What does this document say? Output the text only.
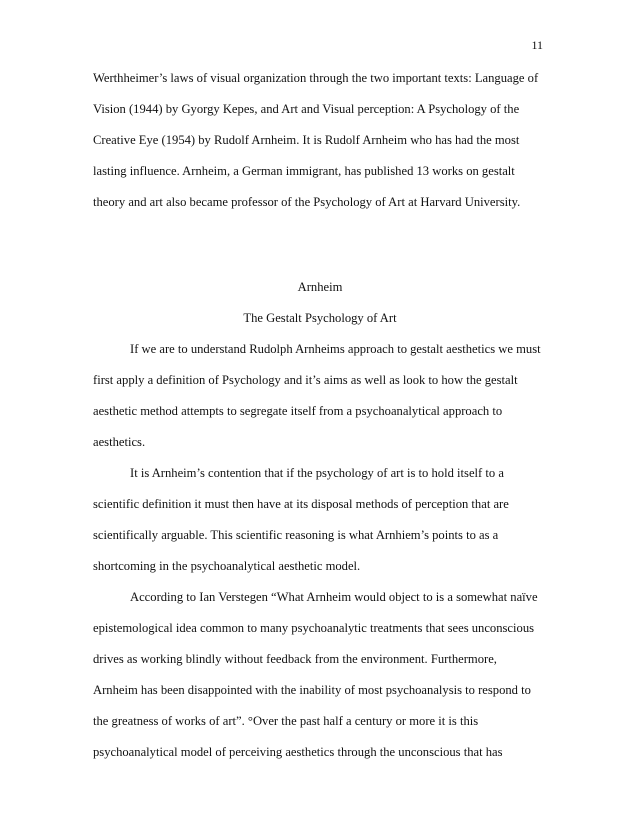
11
Werthheimer’s laws of visual organization through the two important texts: Language of
Vision (1944) by Gyorgy Kepes, and Art and Visual perception: A Psychology of the
Creative Eye (1954) by Rudolf Arnheim. It is Rudolf Arnheim who has had the most
lasting influence. Arnheim, a German immigrant, has published 13 works on gestalt
theory and art also became professor of the Psychology of Art at Harvard University.
Arnheim
The Gestalt Psychology of Art
If we are to understand Rudolph Arnheims approach to gestalt aesthetics we must
first apply a definition of Psychology and it’s aims as well as look to how the gestalt
aesthetic method attempts to segregate itself from a psychoanalytical approach to
aesthetics.
It is Arnheim’s contention that if the psychology of art is to hold itself to a
scientific definition it must then have at its disposal methods of perception that are
scientifically arguable. This scientific reasoning is what Arnhiem’s points to as a
shortcoming in the psychoanalytical aesthetic model.
According to Ian Verstegen “What Arnheim would object to is a somewhat naïve
epistemological idea common to many psychoanalytic treatments that sees unconscious
drives as working blindly without feedback from the environment. Furthermore,
Arnheim has been disappointed with the inability of most psychoanalysis to respond to
the greatness of works of art”. °Over the past half a century or more it is this
psychoanalytical model of perceiving aesthetics through the unconscious that has
